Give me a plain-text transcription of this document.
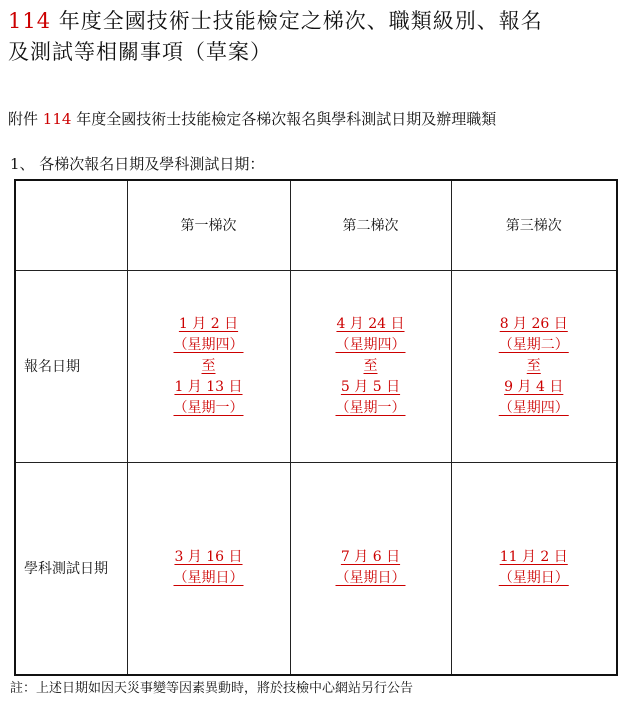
114 年度全國技術士技能檢定之梯次、職類級別、報名
及測試等相關事項（草案）
附件 114 年度全國技術士技能檢定各梯次報名與學科測試日期及辦理職類
1、 各梯次報名日期及學科測試日期：
	第一梯次	第二梯次	第三梯次
報名日期	1 月 2 日
（星期四）
至
1 月 13 日
（星期一）	4 月 24 日
（星期四）
至
5 月 5 日
（星期一）	8 月 26 日
（星期二）
至
9 月 4 日
（星期四）

學科測試日期	3 月 16 日
（星期日）	7 月 6 日
（星期日）	11 月 2 日
（星期日）
註：上述日期如因天災事變等因素異動時，將於技檢中心網站另行公告
